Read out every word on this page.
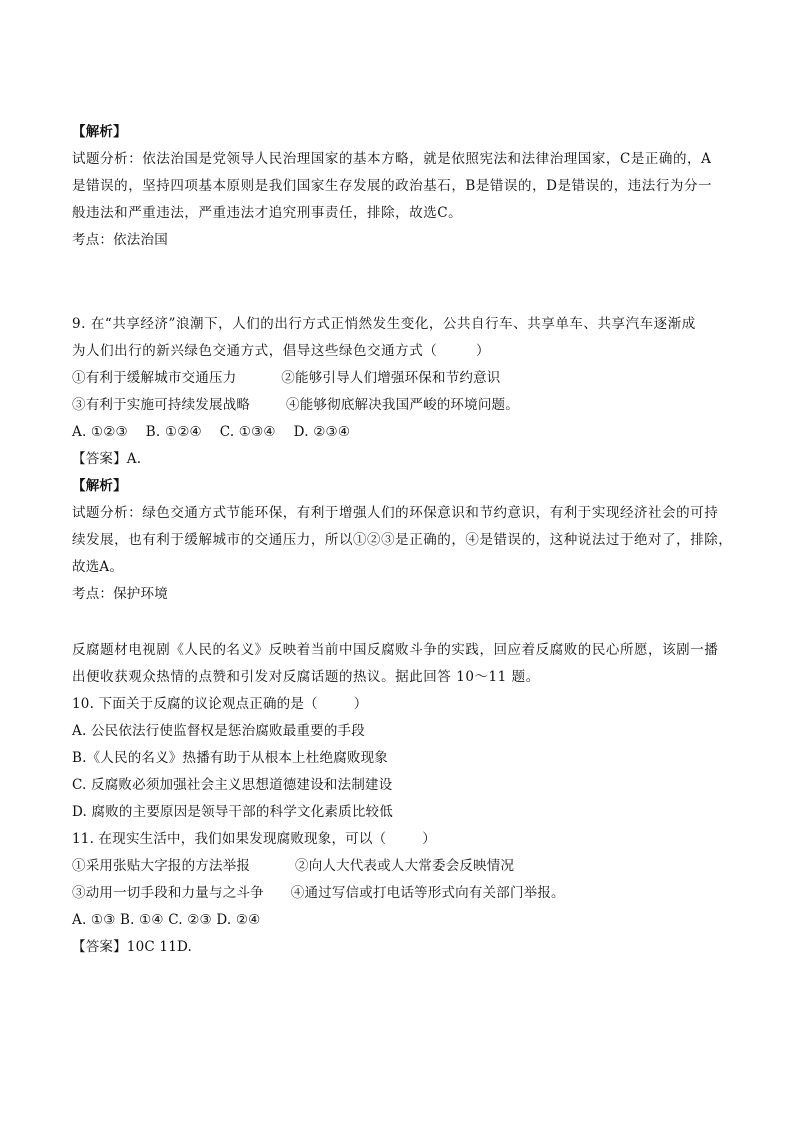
【解析】
试题分析：依法治国是党领导人民治理国家的基本方略，就是依照宪法和法律治理国家，C是正确的，A
是错误的，坚持四项基本原则是我们国家生存发展的政治基石，B是错误的，D是错误的，违法行为分一
般违法和严重违法，严重违法才追究刑事责任，排除，故选C。
考点：依法治国
9. 在“共享经济”浪潮下，人们的出行方式正悄然发生变化，公共自行车、共享单车、共享汽车逐渐成
为人们出行的新兴绿色交通方式，倡导这些绿色交通方式（        ）
①有利于缓解城市交通压力          ②能够引导人们增强环保和节约意识
③有利于实施可持续发展战略        ④能够彻底解决我国严峻的环境问题。
A. ①②③    B. ①②④    C. ①③④    D. ②③④
【答案】A.
【解析】
试题分析：绿色交通方式节能环保，有利于增强人们的环保意识和节约意识，有利于实现经济社会的可持
续发展，也有利于缓解城市的交通压力，所以①②③是正确的，④是错误的，这种说法过于绝对了，排除，
故选A。
考点：保护环境
反腐题材电视剧《人民的名义》反映着当前中国反腐败斗争的实践，回应着反腐败的民心所愿，该剧一播
出便收获观众热情的点赞和引发对反腐话题的热议。据此回答 10～11 题。
10. 下面关于反腐的议论观点正确的是（        ）
A. 公民依法行使监督权是惩治腐败最重要的手段
B.《人民的名义》热播有助于从根本上杜绝腐败现象
C. 反腐败必须加强社会主义思想道德建设和法制建设
D. 腐败的主要原因是领导干部的科学文化素质比较低
11. 在现实生活中，我们如果发现腐败现象，可以（        ）
①采用张贴大字报的方法举报          ②向人大代表或人大常委会反映情况
③动用一切手段和力量与之斗争      ④通过写信或打电话等形式向有关部门举报。
A. ①③ B. ①④ C. ②③ D. ②④
【答案】10C 11D.
